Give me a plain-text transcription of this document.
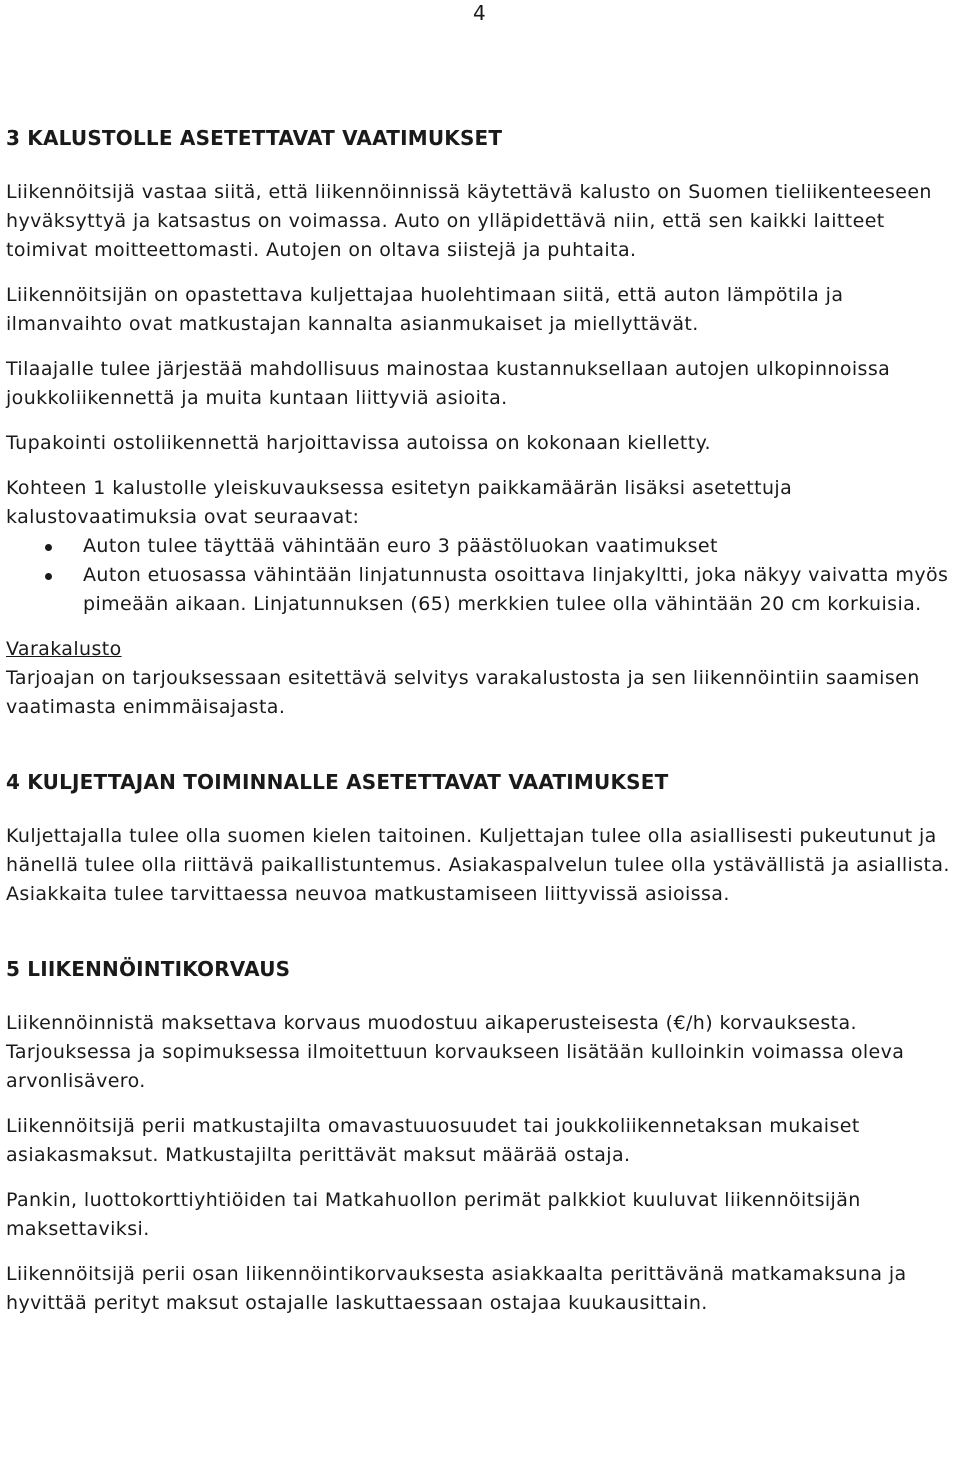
4
3 KALUSTOLLE ASETETTAVAT VAATIMUKSET

Liikennöitsijä vastaa siitä, että liikennöinnissä käytettävä kalusto on Suomen tieliikenteeseen hyväksyttyä ja katsastus on voimassa. Auto on ylläpidettävä niin, että sen kaikki laitteet toimivat moitteettomasti. Autojen on oltava siistejä ja puhtaita.

Liikennöitsijän on opastettava kuljettajaa huolehtimaan siitä, että auton lämpötila ja ilmanvaihto ovat matkustajan kannalta asianmukaiset ja miellyttävät.

Tilaajalle tulee järjestää mahdollisuus mainostaa kustannuksellaan autojen ulkopinnoissa joukkoliikennettä ja muita kuntaan liittyviä asioita.

Tupakointi ostoliikennettä harjoittavissa autoissa on kokonaan kielletty.

Kohteen 1 kalustolle yleiskuvauksessa esitetyn paikkamäärän lisäksi asetettuja kalustovaatimuksia ovat seuraavat:

Auton tulee täyttää vähintään euro 3 päästöluokan vaatimukset
Auton etuosassa vähintään linjatunnusta osoittava linjakyltti, joka näkyy vaivatta myös pimeään aikaan. Linjatunnuksen (65) merkkien tulee olla vähintään 20 cm korkuisia.

Varakalusto

Tarjoajan on tarjouksessaan esitettävä selvitys varakalustosta ja sen liikennöintiin saamisen vaatimasta enimmäisajasta.

4 KULJETTAJAN TOIMINNALLE ASETETTAVAT VAATIMUKSET

Kuljettajalla tulee olla suomen kielen taitoinen. Kuljettajan tulee olla asiallisesti pukeutunut ja hänellä tulee olla riittävä paikallistuntemus. Asiakaspalvelun tulee olla ystävällistä ja asiallista. Asiakkaita tulee tarvittaessa neuvoa matkustamiseen liittyvissä asioissa.

5 LIIKENNÖINTIKORVAUS

Liikennöinnistä maksettava korvaus muodostuu aikaperusteisesta (€/h) korvauksesta. Tarjouksessa ja sopimuksessa ilmoitettuun korvaukseen lisätään kulloinkin voimassa oleva arvonlisävero.

Liikennöitsijä perii matkustajilta omavastuuosuudet tai joukkoliikennetaksan mukaiset asiakasmaksut. Matkustajilta perittävät maksut määrää ostaja.

Pankin, luottokorttiyhtiöiden tai Matkahuollon perimät palkkiot kuuluvat liikennöitsijän maksettaviksi.

Liikennöitsijä perii osan liikennöintikorvauksesta asiakkaalta perittävänä matkamaksuna ja hyvittää perityt maksut ostajalle laskuttaessaan ostajaa kuukausittain.
